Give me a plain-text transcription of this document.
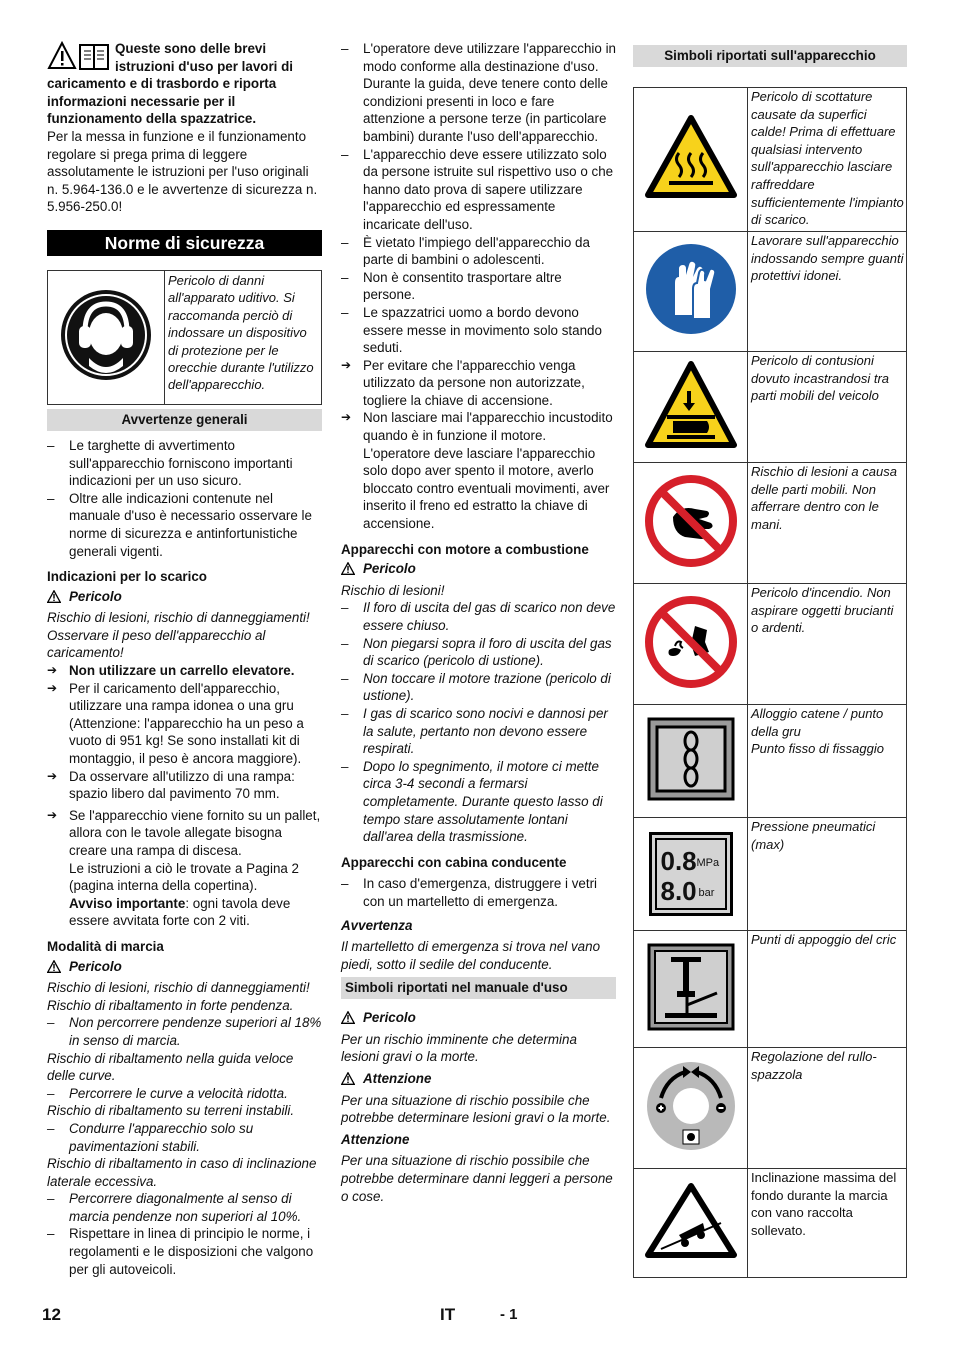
Queste sono delle brevi istruzioni d'uso per lavori di caricamento e di trasbordo e riporta informazioni necessarie per il funzionamento della spazzatrice.

Per la messa in funzione e il funzionamento regolare si prega prima di leggere assolutamente le istruzioni per l'uso originali n. 5.964-136.0 e le avvertenze di sicurezza n. 5.956-250.0!

Norme di sicurezza
Pericolo di danni all'apparato uditivo. Si raccomanda perciò di indossare un dispositivo di protezione per le orecchie durante l'utilizzo dell'apparecchio.
Avvertenze generali

– Le targhette di avvertimento sull'apparecchio forniscono importanti indicazioni per un uso sicuro.

– Oltre alle indicazioni contenute nel manuale d'uso è necessario osservare le norme di sicurezza e antinfortunistiche generali vigenti.

Indicazioni per lo scarico

Pericolo

Rischio di lesioni, rischio di danneggiamenti! Osservare il peso dell'apparecchio al caricamento!

➔ Non utilizzare un carrello elevatore.

➔ Per il caricamento dell'apparecchio, utilizzare una rampa idonea o una gru (Attenzione: l'apparecchio ha un peso a vuoto di 951 kg! Se sono installati kit di montaggio, il peso è ancora maggiore).

➔ Da osservare all'utilizzo di una rampa: spazio libero dal pavimento 70 mm.

➔ Se l'apparecchio viene fornito su un pallet, allora con le tavole allegate bisogna creare una rampa di discesa.

Le istruzioni a ciò le trovate a Pagina 2 (pagina interna della copertina).

Avviso importante: ogni tavola deve essere avvitata forte con 2 viti.

Modalità di marcia

Pericolo

Rischio di lesioni, rischio di danneggiamenti!

Rischio di ribaltamento in forte pendenza.

– Non percorrere pendenze superiori al 18% in senso di marcia.

Rischio di ribaltamento nella guida veloce delle curve.

– Percorrere le curve a velocità ridotta.

Rischio di ribaltamento su terreni instabili.

– Condurre l'apparecchio solo su pavimentazioni stabili.

Rischio di ribaltamento in caso di inclinazione laterale eccessiva.

– Percorrere diagonalmente al senso di marcia pendenze non superiori al 10%.

– Rispettare in linea di principio le norme, i regolamenti e le disposizioni che valgono per gli autoveicoli.

– L'operatore deve utilizzare l'apparecchio in modo conforme alla destinazione d'uso. Durante la guida, deve tenere conto delle condizioni presenti in loco e fare attenzione a persone terze (in particolare bambini) durante l'uso dell'apparecchio.

– L'apparecchio deve essere utilizzato solo da persone istruite sul rispettivo uso o che hanno dato prova di sapere utilizzare l'apparecchio ed espressamente incaricate dell'uso.

– È vietato l'impiego dell'apparecchio da parte di bambini o adolescenti.

– Non è consentito trasportare altre persone.

– Le spazzatrici uomo a bordo devono essere messe in movimento solo stando seduti.

➔ Per evitare che l'apparecchio venga utilizzato da persone non autorizzate, togliere la chiave di accensione.

➔ Non lasciare mai l'apparecchio incustodito quando è in funzione il motore. L'operatore deve lasciare l'apparecchio solo dopo aver spento il motore, averlo bloccato contro eventuali movimenti, aver inserito il freno ed estratto la chiave di accensione.

Apparecchi con motore a combustione

Pericolo

Rischio di lesioni!

– Il foro di uscita del gas di scarico non deve essere chiuso.

– Non piegarsi sopra il foro di uscita del gas di scarico (pericolo di ustione).

– Non toccare il motore trazione (pericolo di ustione).

– I gas di scarico sono nocivi e dannosi per la salute, pertanto non devono essere respirati.

– Dopo lo spegnimento, il motore ci mette circa 3-4 secondi a fermarsi completamente. Durante questo lasso di tempo stare assolutamente lontani dall'area della trasmissione.

Apparecchi con cabina conducente

– In caso d'emergenza, distruggere i vetri con un martelletto di emergenza.

Avvertenza

Il martelletto di emergenza si trova nel vano piedi, sotto il sedile del conducente.

Simboli riportati nel manuale d'uso

Pericolo

Per un rischio imminente che determina lesioni gravi o la morte.

Attenzione

Per una situazione di rischio possibile che potrebbe determinare lesioni gravi o la morte.

Attenzione

Per una situazione di rischio possibile che potrebbe determinare danni leggeri a persone o cose.

Simboli riportati sull'apparecchio
Pericolo di scottature causate da superfici calde! Prima di effettuare qualsiasi intervento sull'apparecchio lasciare raffreddare sufficientemente l'impianto di scarico.
Lavorare sull'apparecchio indossando sempre guanti protettivi idonei.
Pericolo di contusioni dovuto incastrandosi tra parti mobili del veicolo
Rischio di lesioni a causa delle parti mobili. Non afferrare dentro con le mani.
Pericolo d'incendio. Non aspirare oggetti brucianti o ardenti.
Alloggio catene / punto della gru
Punto fisso di fissaggio
0.8 MPa
8.0 bar
Pressione pneumatici (max)
Punti di appoggio del cric
Regolazione del rullo-spazzola
Inclinazione massima del fondo durante la marcia con vano raccolta sollevato.
12	IT	- 1
